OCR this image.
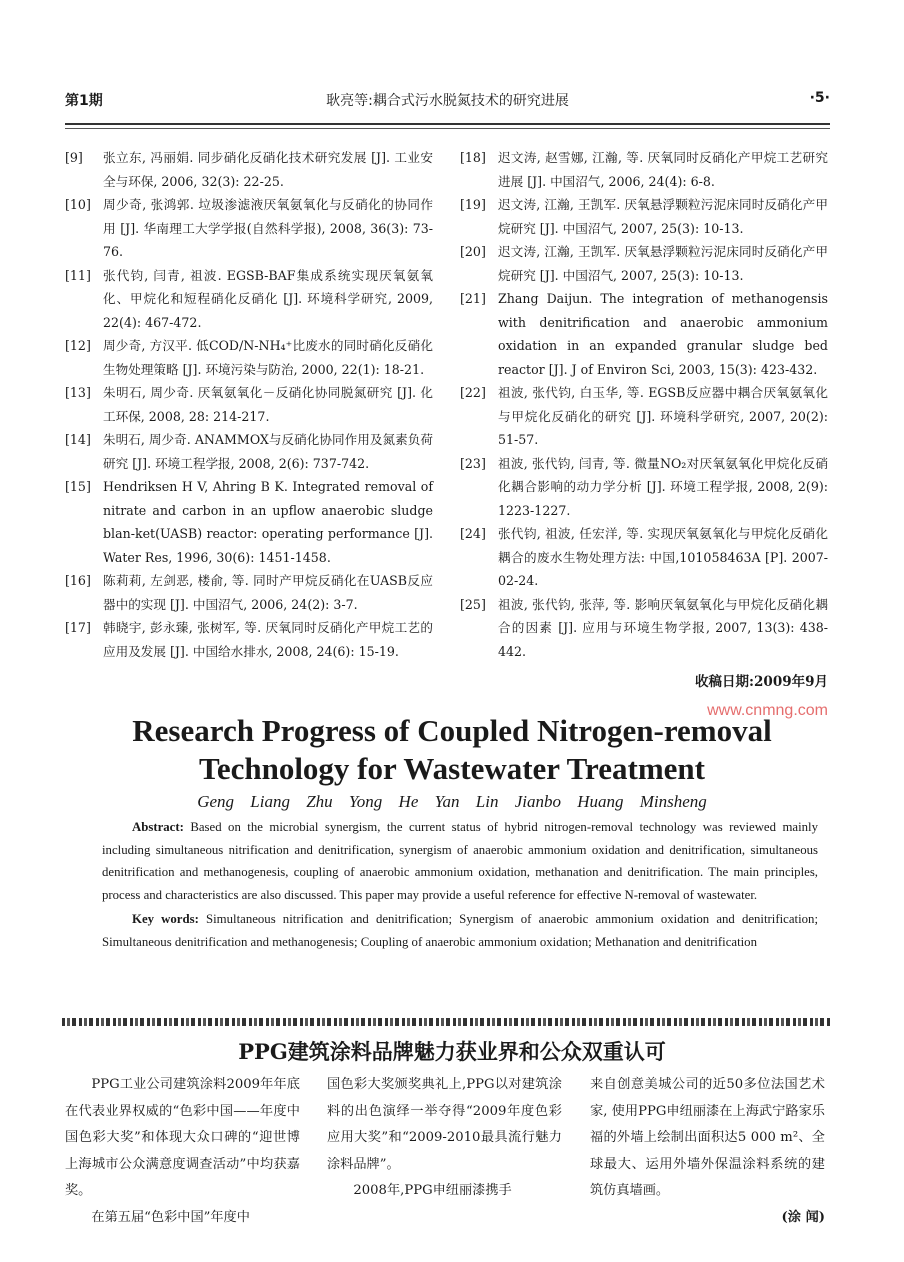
第1期	耿亮等:耦合式污水脱氮技术的研究进展	·5·
[9]	张立东, 冯丽娟. 同步硝化反硝化技术研究发展 [J]. 工业安全与环保, 2006, 32(3): 22-25.
[10] 周少奇, 张鸿郭. 垃圾渗滤液厌氧氨氧化与反硝化的协同作用 [J]. 华南理工大学学报(自然科学报), 2008, 36(3): 73-76.
[11] 张代钧, 闫青, 祖波. EGSB-BAF集成系统实现厌氧氨氧化、甲烷化和短程硝化反硝化 [J]. 环境科学研究, 2009, 22(4): 467-472.
[12] 周少奇, 方汉平. 低COD/N-NH₄⁺比废水的同时硝化反硝化生物处理策略 [J]. 环境污染与防治, 2000, 22(1): 18-21.
[13] 朱明石, 周少奇. 厌氧氨氧化－反硝化协同脱氮研究 [J]. 化工环保, 2008, 28: 214-217.
[14] 朱明石, 周少奇. ANAMMOX与反硝化协同作用及氮素负荷研究 [J]. 环境工程学报, 2008, 2(6): 737-742.
[15] Hendriksen H V, Ahring B K. Integrated removal of nitrate and carbon in an upflow anaerobic sludge blan-ket(UASB) reactor: operating performance [J]. Water Res, 1996, 30(6): 1451-1458.
[16] 陈莉莉, 左剑恶, 楼俞, 等. 同时产甲烷反硝化在UASB反应器中的实现 [J]. 中国沼气, 2006, 24(2): 3-7.
[17] 韩晓宇, 彭永臻, 张树军, 等. 厌氧同时反硝化产甲烷工艺的应用及发展 [J]. 中国给水排水, 2008, 24(6): 15-19.
[18] 迟文涛, 赵雪娜, 江瀚, 等. 厌氧同时反硝化产甲烷工艺研究进展 [J]. 中国沼气, 2006, 24(4): 6-8.
[19] 迟文涛, 江瀚, 王凯军. 厌氧悬浮颗粒污泥床同时反硝化产甲烷研究 [J]. 中国沼气, 2007, 25(3): 10-13.
[20] 迟文涛, 江瀚, 王凯军. 厌氧悬浮颗粒污泥床同时反硝化产甲烷研究 [J]. 中国沼气, 2007, 25(3): 10-13.
[21] Zhang Daijun. The integration of methanogensis with denitrification and anaerobic ammonium oxidation in an expanded granular sludge bed reactor [J]. J of Environ Sci, 2003, 15(3): 423-432.
[22] 祖波, 张代钧, 白玉华, 等. EGSB反应器中耦合厌氧氨氧化与甲烷化反硝化的研究 [J]. 环境科学研究, 2007, 20(2): 51-57.
[23] 祖波, 张代钧, 闫青, 等. 微量NO₂对厌氧氨氧化甲烷化反硝化耦合影响的动力学分析 [J]. 环境工程学报, 2008, 2(9): 1223-1227.
[24] 张代钧, 祖波, 任宏洋, 等. 实现厌氧氨氧化与甲烷化反硝化耦合的废水生物处理方法: 中国,101058463A [P]. 2007-02-24.
[25] 祖波, 张代钧, 张萍, 等. 影响厌氧氨氧化与甲烷化反硝化耦合的因素 [J]. 应用与环境生物学报, 2007, 13(3): 438-442.
收稿日期:2009年9月
www.cnmng.com
Research Progress of Coupled Nitrogen-removal
Technology for Wastewater Treatment
Geng Liang Zhu Yong He Yan Lin Jianbo Huang Minsheng
Abstract: Based on the microbial synergism, the current status of hybrid nitrogen-removal technology was reviewed mainly including simultaneous nitrification and denitrification, synergism of anaerobic ammonium oxidation and denitrification, simultaneous denitrification and methanogenesis, coupling of anaerobic ammonium oxidation, methanation and denitrification. The main principles, process and characteristics are also discussed. This paper may provide a useful reference for effective N-removal of wastewater.
Key words: Simultaneous nitrification and denitrification; Synergism of anaerobic ammonium oxidation and denitrification; Simultaneous denitrification and methanogenesis; Coupling of anaerobic ammonium oxidation; Methanation and denitrification
PPG建筑涂料品牌魅力获业界和公众双重认可

PPG工业公司建筑涂料2009年年底在代表业界权威的“色彩中国——年度中国色彩大奖”和体现大众口碑的“迎世博上海城市公众满意度调查活动”中均获嘉奖。

在第五届“色彩中国”年度中

国色彩大奖颁奖典礼上,PPG以对建筑涂料的出色演绎一举夺得“2009年度色彩应用大奖”和“2009-2010最具流行魅力涂料品牌”。

2008年,PPG申纽丽漆携手

来自创意美城公司的近50多位法国艺术家, 使用PPG申纽丽漆在上海武宁路家乐福的外墙上绘制出面积达5 000 m²、全球最大、运用外墙外保温涂料系统的建筑仿真墙画。

(涂 闻)
